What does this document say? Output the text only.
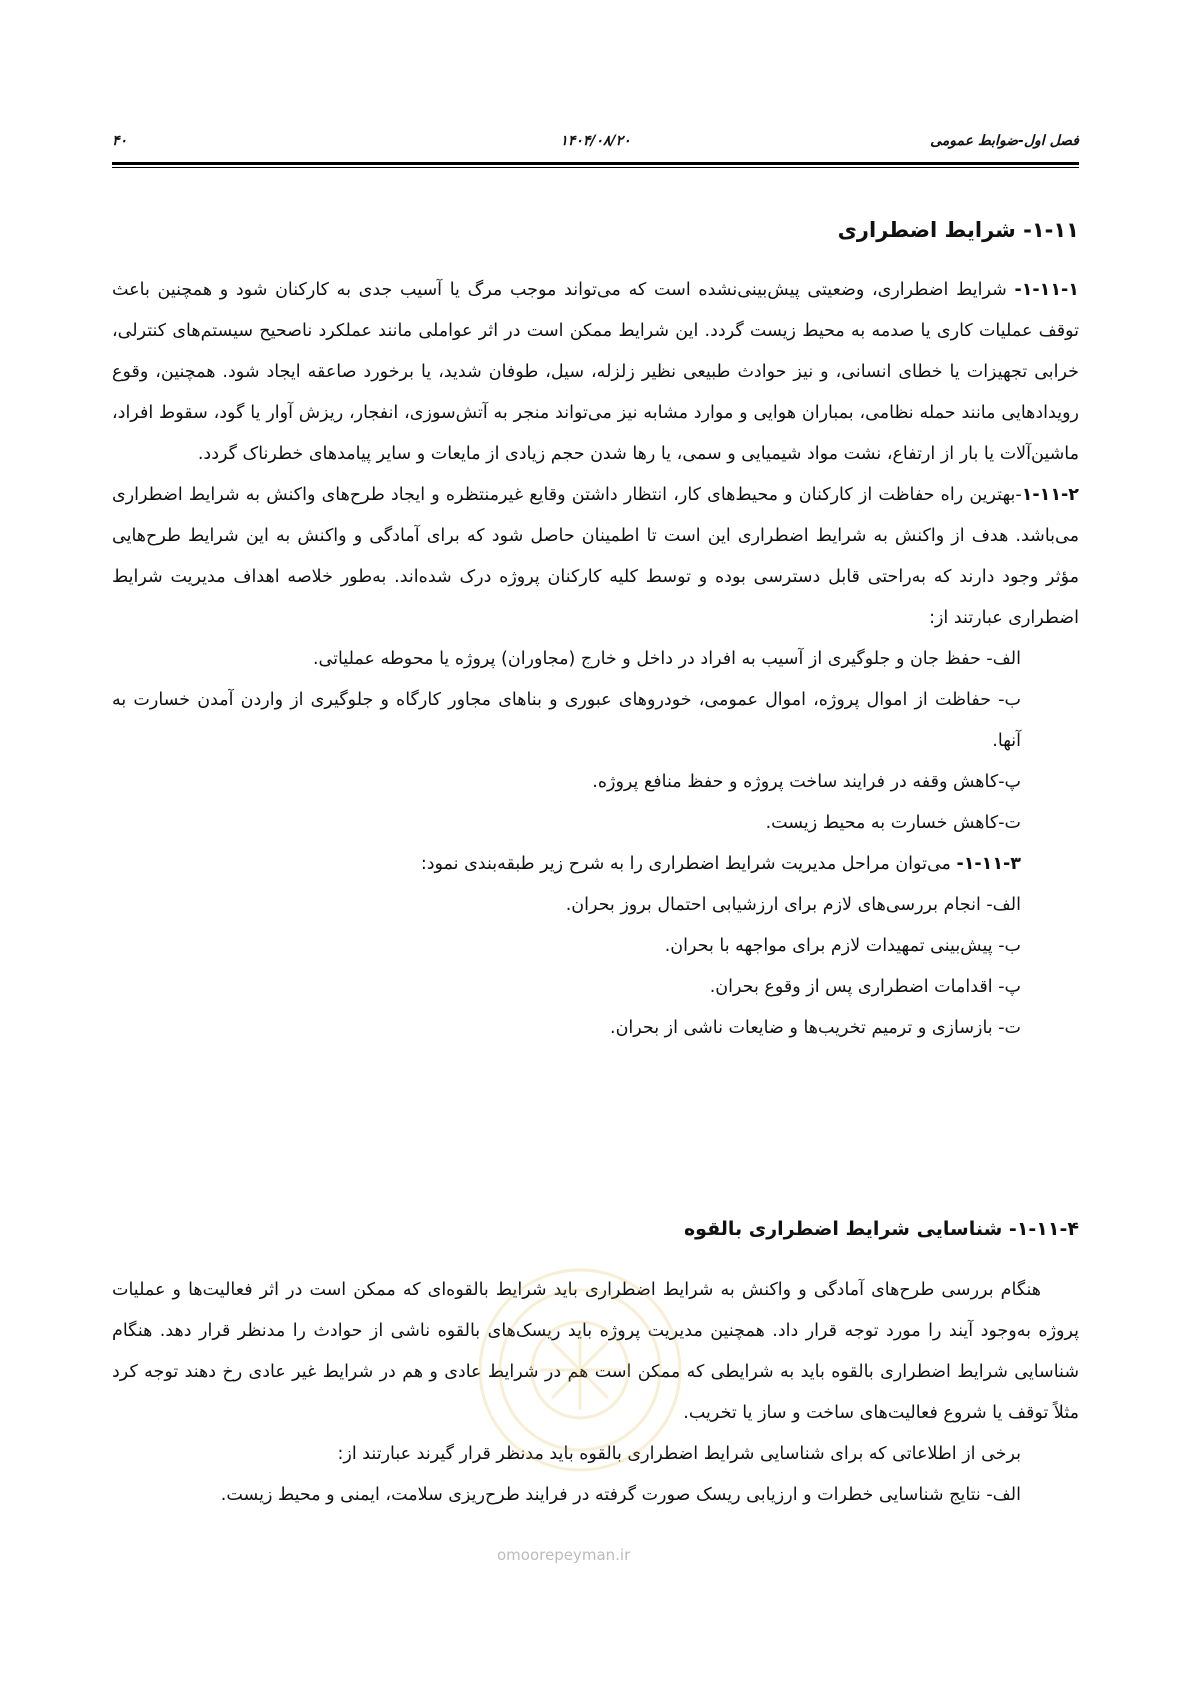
۴۰	۱۴۰۴/۰۸/۲۰	فصل اول-ضوابط عمومی
۱-۱۱- شرایط اضطراری

۱-۱۱-۱- شرایط اضطراری، وضعیتی پیش‌بینی‌نشده است که می‌تواند موجب مرگ یا آسیب جدی به کارکنان شود و همچنین باعث توقف عملیات کاری یا صدمه به محیط زیست گردد. این شرایط ممکن است در اثر عواملی مانند عملکرد ناصحیح سیستم‌های کنترلی، خرابی تجهیزات یا خطای انسانی، و نیز حوادث طبیعی نظیر زلزله، سیل، طوفان شدید، یا برخورد صاعقه ایجاد شود. همچنین، وقوع رویدادهایی مانند حمله نظامی، بمباران هوایی و موارد مشابه نیز می‌تواند منجر به آتش‌سوزی، انفجار، ریزش آوار یا گود، سقوط افراد، ماشین‌آلات یا بار از ارتفاع، نشت مواد شیمیایی و سمی، یا رها شدن حجم زیادی از مایعات و سایر پیامدهای خطرناک گردد.

۱-۱۱-۲-بهترین راه حفاظت از کارکنان و محیط‌های کار، انتظار داشتن وقایع غیرمنتظره و ایجاد طرح‌های واکنش به شرایط اضطراری می‌باشد. هدف از واکنش به شرایط اضطراری این است تا اطمینان حاصل شود که برای آمادگی و واکنش به این شرایط طرح‌هایی مؤثر وجود دارند که به‌راحتی قابل دسترسی بوده و توسط کلیه کارکنان پروژه درک شده‌اند. به‌طور خلاصه اهداف مدیریت شرایط اضطراری عبارتند از:

الف- حفظ جان و جلوگیری از آسیب به افراد در داخل و خارج (مجاوران) پروژه یا محوطه عملیاتی.

ب- حفاظت از اموال پروژه، اموال عمومی، خودروهای عبوری و بناهای مجاور کارگاه و جلوگیری از واردن آمدن خسارت به آنها.

پ-کاهش وقفه در فرایند ساخت پروژه و حفظ منافع پروژه.

ت-کاهش خسارت به محیط زیست.

۱-۱۱-۳- می‌توان مراحل مدیریت شرایط اضطراری را به شرح زیر طبقه‌بندی نمود:

الف- انجام بررسی‌های لازم برای ارزشیابی احتمال بروز بحران.

ب- پیش‌بینی تمهیدات لازم برای مواجهه با بحران.

پ- اقدامات اضطراری پس از وقوع بحران.

ت- بازسازی و ترمیم تخریب‌ها و ضایعات ناشی از بحران.

۱-۱۱-۴- شناسایی شرایط اضطراری بالقوه

هنگام بررسی طرح‌های آمادگی و واکنش به شرایط اضطراری باید شرایط بالقوه‌ای که ممکن است در اثر فعالیت‌ها و عملیات پروژه به‌وجود آیند را مورد توجه قرار داد. همچنین مدیریت پروژه باید ریسک‌های بالقوه ناشی از حوادث را مدنظر قرار دهد. هنگام شناسایی شرایط اضطراری بالقوه باید به شرایطی که ممکن است هم در شرایط عادی و هم در شرایط غیر عادی رخ دهند توجه کرد مثلاً توقف یا شروع فعالیت‌های ساخت و ساز یا تخریب.

برخی از اطلاعاتی که برای شناسایی شرایط اضطراری بالقوه باید مدنظر قرار گیرند عبارتند از:

الف- نتایج شناسایی خطرات و ارزیابی ریسک صورت گرفته در فرایند طرح‌ریزی سلامت، ایمنی و محیط زیست.

omoorepeyman.ir
